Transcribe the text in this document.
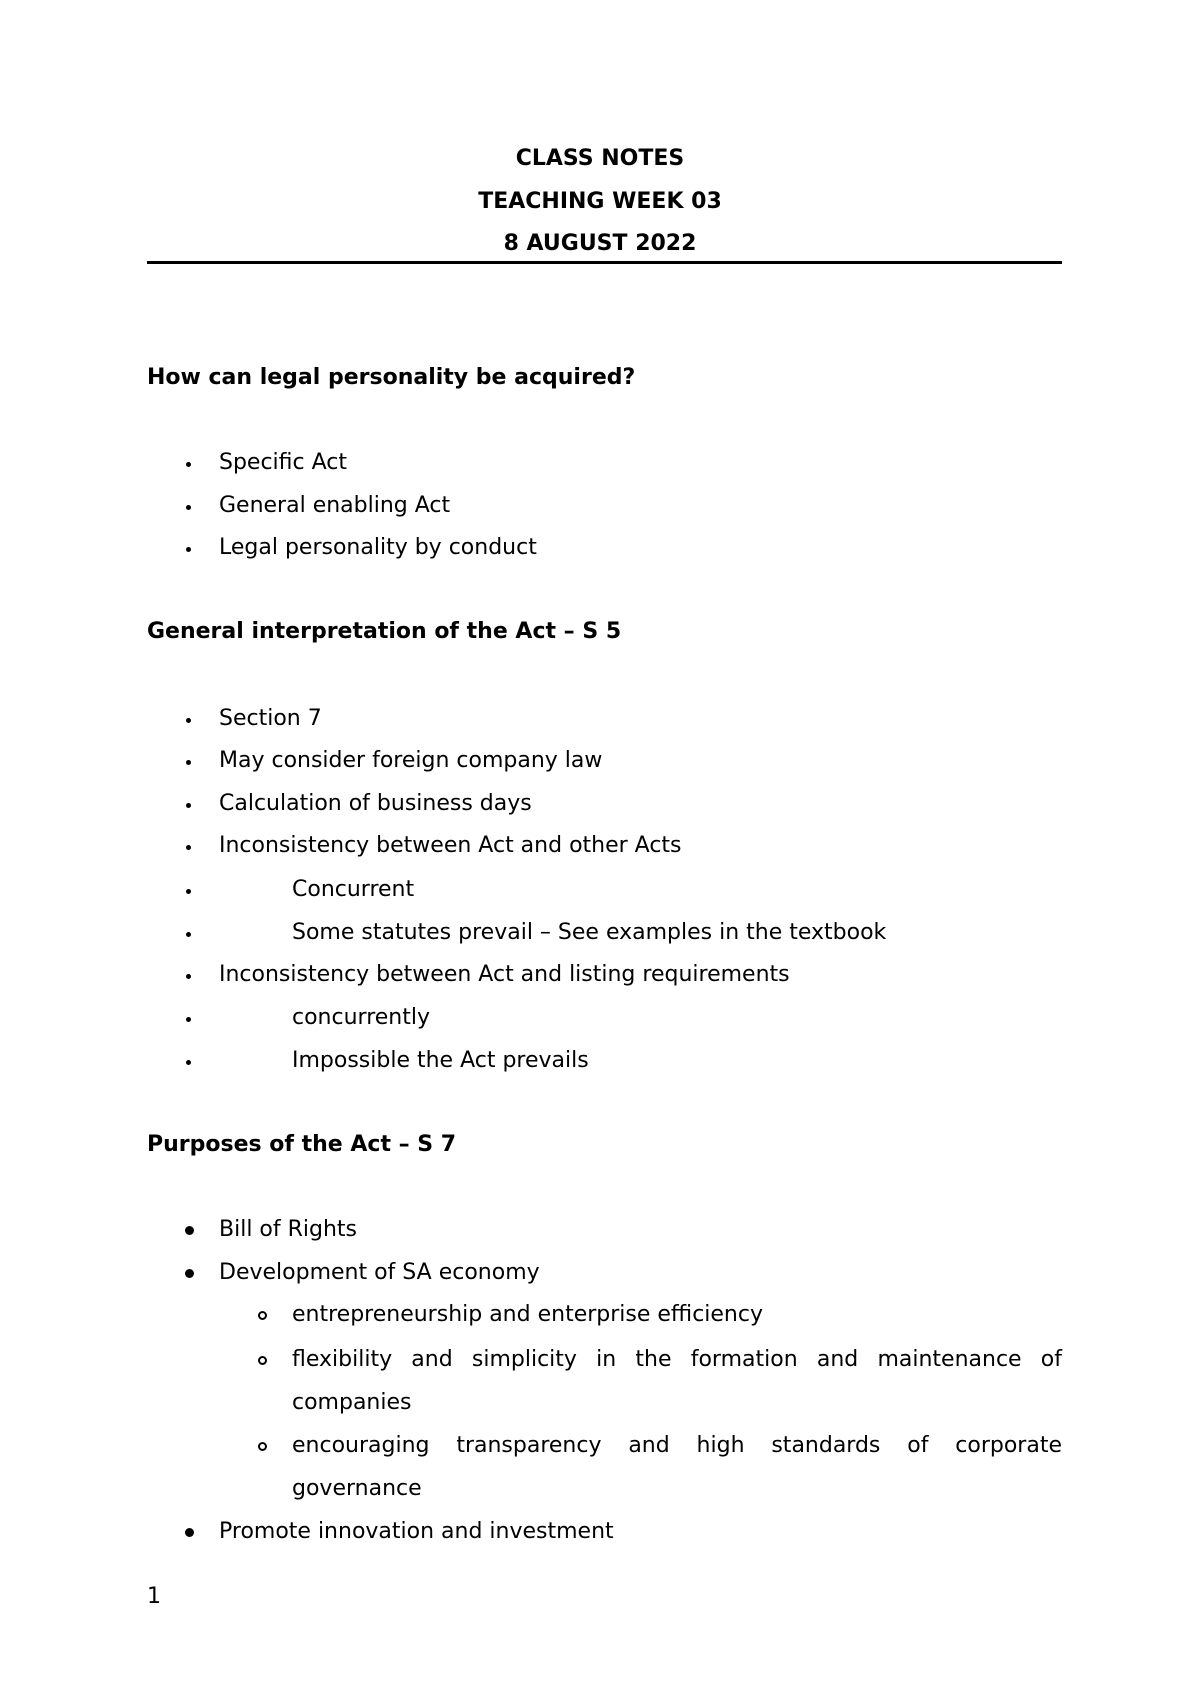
CLASS NOTES
TEACHING WEEK 03
8 AUGUST 2022
How can legal personality be acquired?
Specific Act
General enabling Act
Legal personality by conduct
General interpretation of the Act – S 5
Section 7
May consider foreign company law
Calculation of business days
Inconsistency between Act and other Acts
Concurrent
Some statutes prevail – See examples in the textbook
Inconsistency between Act and listing requirements
concurrently
Impossible the Act prevails
Purposes of the Act – S 7
Bill of Rights
Development of SA economy
entrepreneurship and enterprise efficiency
flexibility and simplicity in the formation and maintenance of
companies
encouraging transparency and high standards of corporate
governance
Promote innovation and investment
1
